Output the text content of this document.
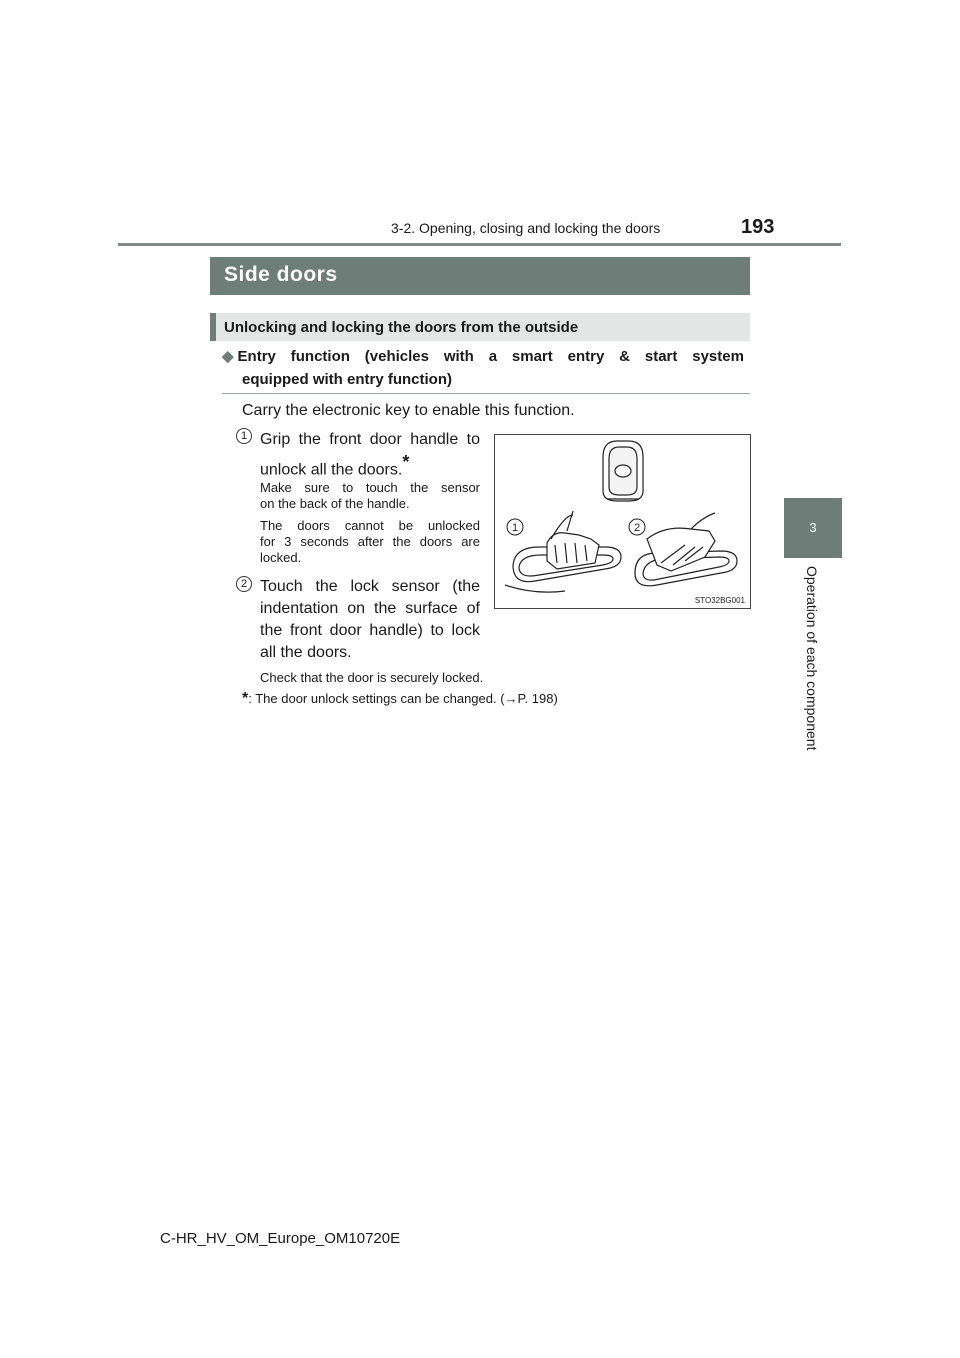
3-2. Opening, closing and locking the doors	193
3
Operation of each component
Side doors
Unlocking and locking the doors from the outside
◆ Entry function (vehicles with a smart entry & start system
equipped with entry function)
Carry the electronic key to enable this function.
1 Grip the front door handle to
unlock all the doors.*
Make sure to touch the sensor
on the back of the handle.
The doors cannot be unlocked
for 3 seconds after the doors are
locked.
2 Touch the lock sensor (the
indentation on the surface of
the front door handle) to lock
all the doors.
1	2
STO32BG001
Check that the door is securely locked.
*: The door unlock settings can be changed. (→P. 198)
C-HR_HV_OM_Europe_OM10720E
